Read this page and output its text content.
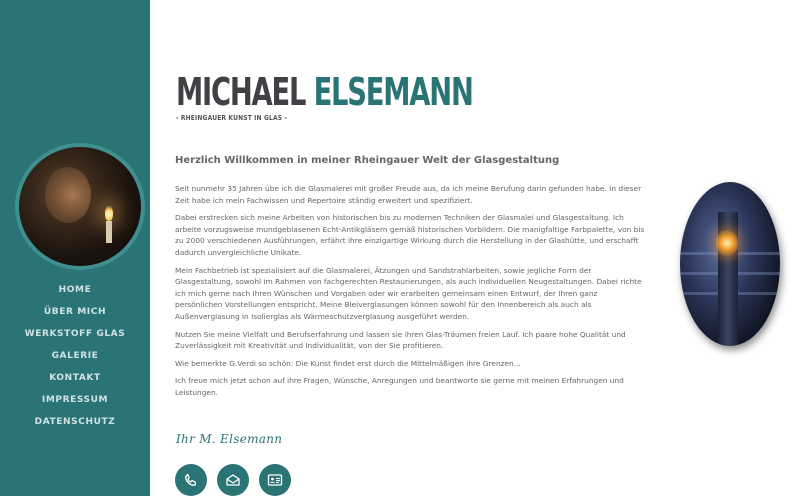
HOME
ÜBER MICH
WERKSTOFF GLAS
GALERIE
KONTAKT
IMPRESSUM
DATENSCHUTZ
MICHAEL ELSEMANN
- RHEINGAUER KUNST IN GLAS -
Herzlich Willkommen in meiner Rheingauer Welt der Glasgestaltung

Seit nunmehr 35 Jahren übe ich die Glasmalerei mit großer Freude aus, da ich meine Berufung darin gefunden habe. In dieser Zeit habe ich mein Fachwissen und Repertoire ständig erweitert und spezifiziert.

Dabei erstrecken sich meine Arbeiten von historischen bis zu modernen Techniken der Glasmalei und Glasgestaltung. Ich arbeite vorzugsweise mundgeblasenen Echt-Antikgläsern gemäß historischen Vorbildern. Die manigfaltige Farbpalette, von bis zu 2000 verschiedenen Ausführungen, erfährt ihre einzigartige Wirkung durch die Herstellung in der Glashütte, und erschafft dadurch unvergleichliche Unikate.

Mein Fachbetrieb ist spezialisiert auf die Glasmalerei, Ätzungen und Sandstrahlarbeiten, sowie jegliche Form der Glasgestaltung, sowohl im Rahmen von fachgerechten Restaurierungen, als auch individuellen Neugestaltungen. Dabei richte ich mich gerne nach Ihren Wünschen und Vorgaben oder wir erarbeiten gemeinsam einen Entwurf, der Ihren ganz persönlichen Vorstellungen entspricht. Meine Bleiverglasungen können sowohl für den Innenbereich als auch als Außenverglasung in Isolierglas als Wärmeschutzverglasung ausgeführt werden.

Nutzen Sie meine Vielfalt und Berufserfahrung und lassen sie ihren Glas-Träumen freien Lauf. Ich paare hohe Qualität und Zuverlässigkeit mit Kreativität und Individualität, von der Sie profitieren.

Wie bemerkte G.Verdi so schön: Die Kunst findet erst durch die Mittelmäßigen ihre Grenzen...

Ich freue mich jetzt schon auf ihre Fragen, Wünsche, Anregungen und beantworte sie gerne mit meinen Erfahrungen und Leistungen.

Ihr M. Elsemann
